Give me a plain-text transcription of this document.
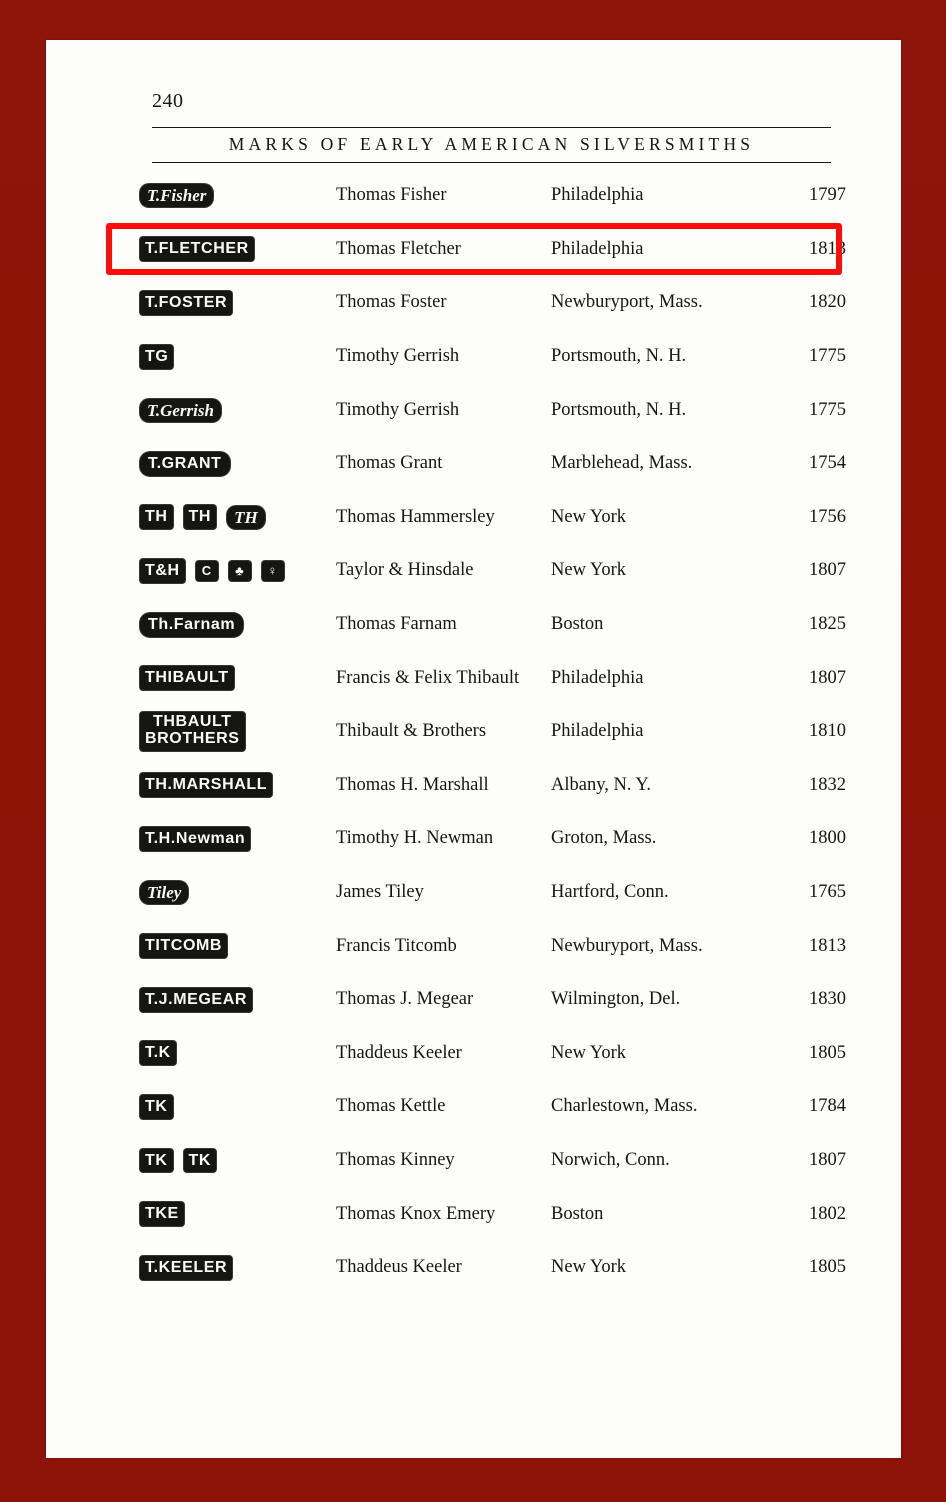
240
MARKS OF EARLY AMERICAN SILVERSMITHS
T.Fisher	Thomas Fisher	Philadelphia	1797
T.FLETCHER	Thomas Fletcher	Philadelphia	1813
T.FOSTER	Thomas Foster	Newburyport, Mass.	1820
TG	Timothy Gerrish	Portsmouth, N. H.	1775
T.Gerrish	Timothy Gerrish	Portsmouth, N. H.	1775
T.GRANT	Thomas Grant	Marblehead, Mass.	1754
TH	TH	TH	Thomas Hammersley	New York	1756
T&H	C	♣	♀	Taylor & Hinsdale	New York	1807
Th.Farnam	Thomas Farnam	Boston	1825
THIBAULT	Francis & Felix Thibault	Philadelphia	1807
THBAULT
BROTHERS	Thibault & Brothers	Philadelphia	1810
TH.MARSHALL	Thomas H. Marshall	Albany, N. Y.	1832
T.H.Newman	Timothy H. Newman	Groton, Mass.	1800
Tiley	James Tiley	Hartford, Conn.	1765
TITCOMB	Francis Titcomb	Newburyport, Mass.	1813
T.J.MEGEAR	Thomas J. Megear	Wilmington, Del.	1830
T.K	Thaddeus Keeler	New York	1805
TK	Thomas Kettle	Charlestown, Mass.	1784
TK	TK	Thomas Kinney	Norwich, Conn.	1807
TKE	Thomas Knox Emery	Boston	1802
T.KEELER	Thaddeus Keeler	New York	1805
